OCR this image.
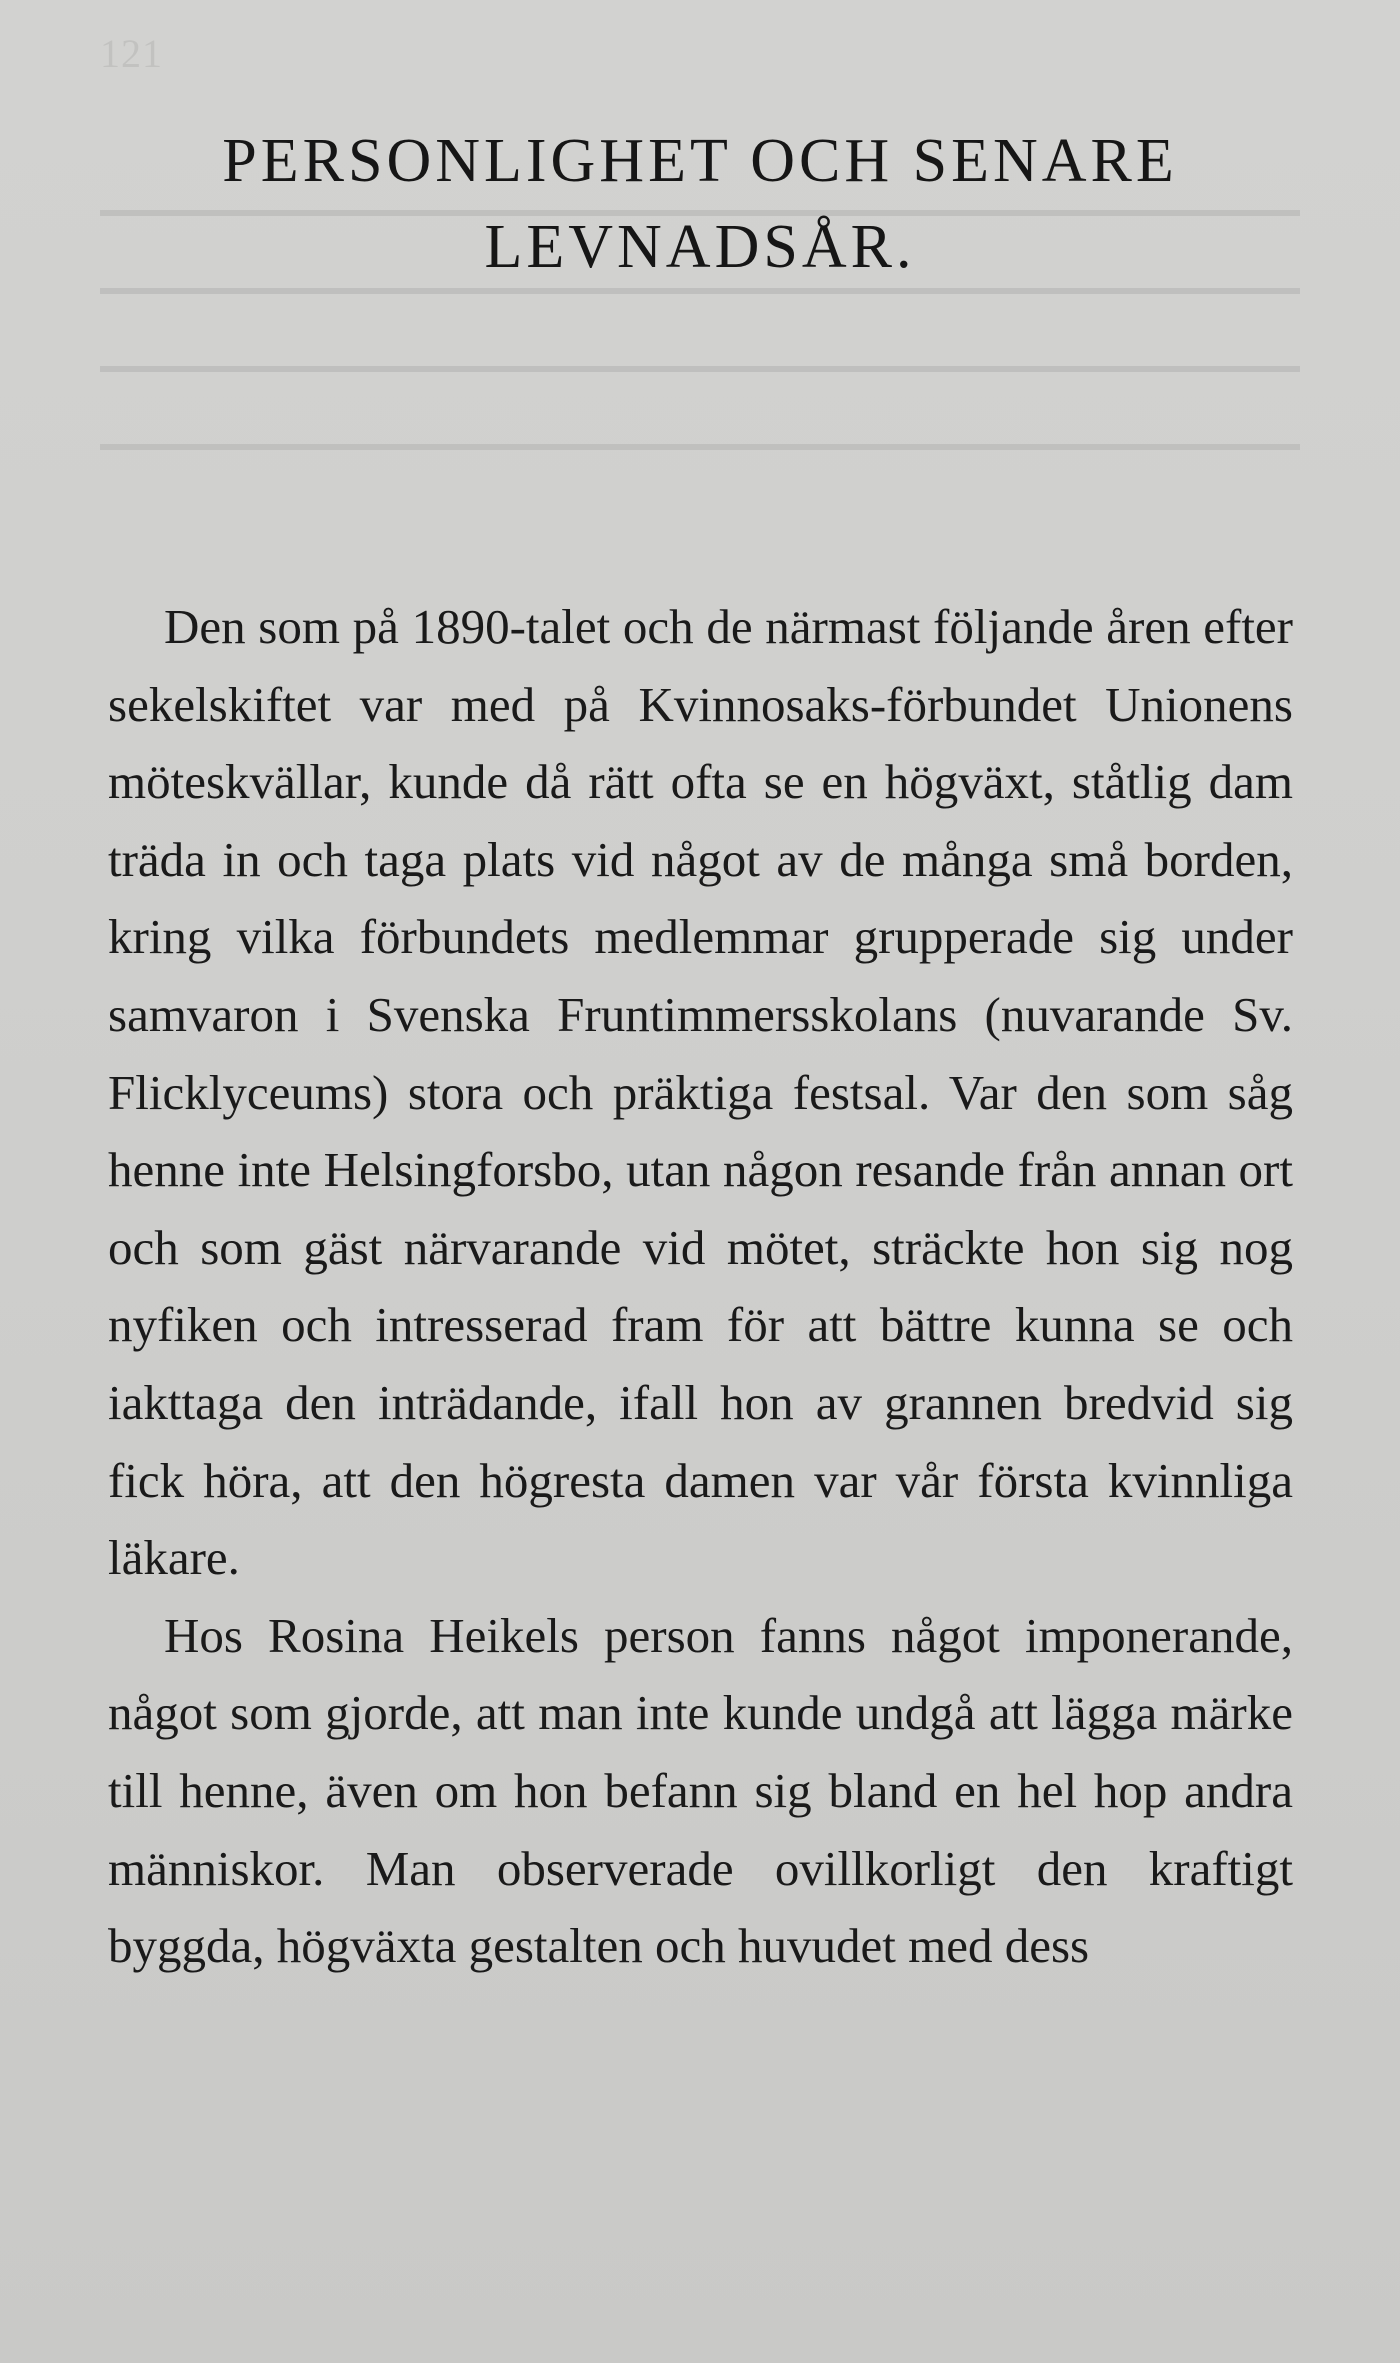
121
PERSONLIGHET OCH SENARE
LEVNADSÅR.

Den som på 1890-talet och de närmast följande åren efter sekelskiftet var med på Kvinnosaks-förbundet Unionens möteskvällar, kunde då rätt ofta se en högväxt, ståtlig dam träda in och taga plats vid något av de många små borden, kring vilka förbundets medlemmar grupperade sig under samvaron i Svenska Fruntimmersskolans (nuvarande Sv. Flicklyceums) stora och präktiga festsal. Var den som såg henne inte Helsingforsbo, utan någon resande från annan ort och som gäst närvarande vid mötet, sträckte hon sig nog nyfiken och intresserad fram för att bättre kunna se och iakttaga den inträdande, ifall hon av grannen bredvid sig fick höra, att den högresta damen var vår första kvinnliga läkare.

Hos Rosina Heikels person fanns något imponerande, något som gjorde, att man inte kunde undgå att lägga märke till henne, även om hon befann sig bland en hel hop andra människor. Man observerade ovillkorligt den kraftigt byggda, högväxta gestalten och huvudet med dess
